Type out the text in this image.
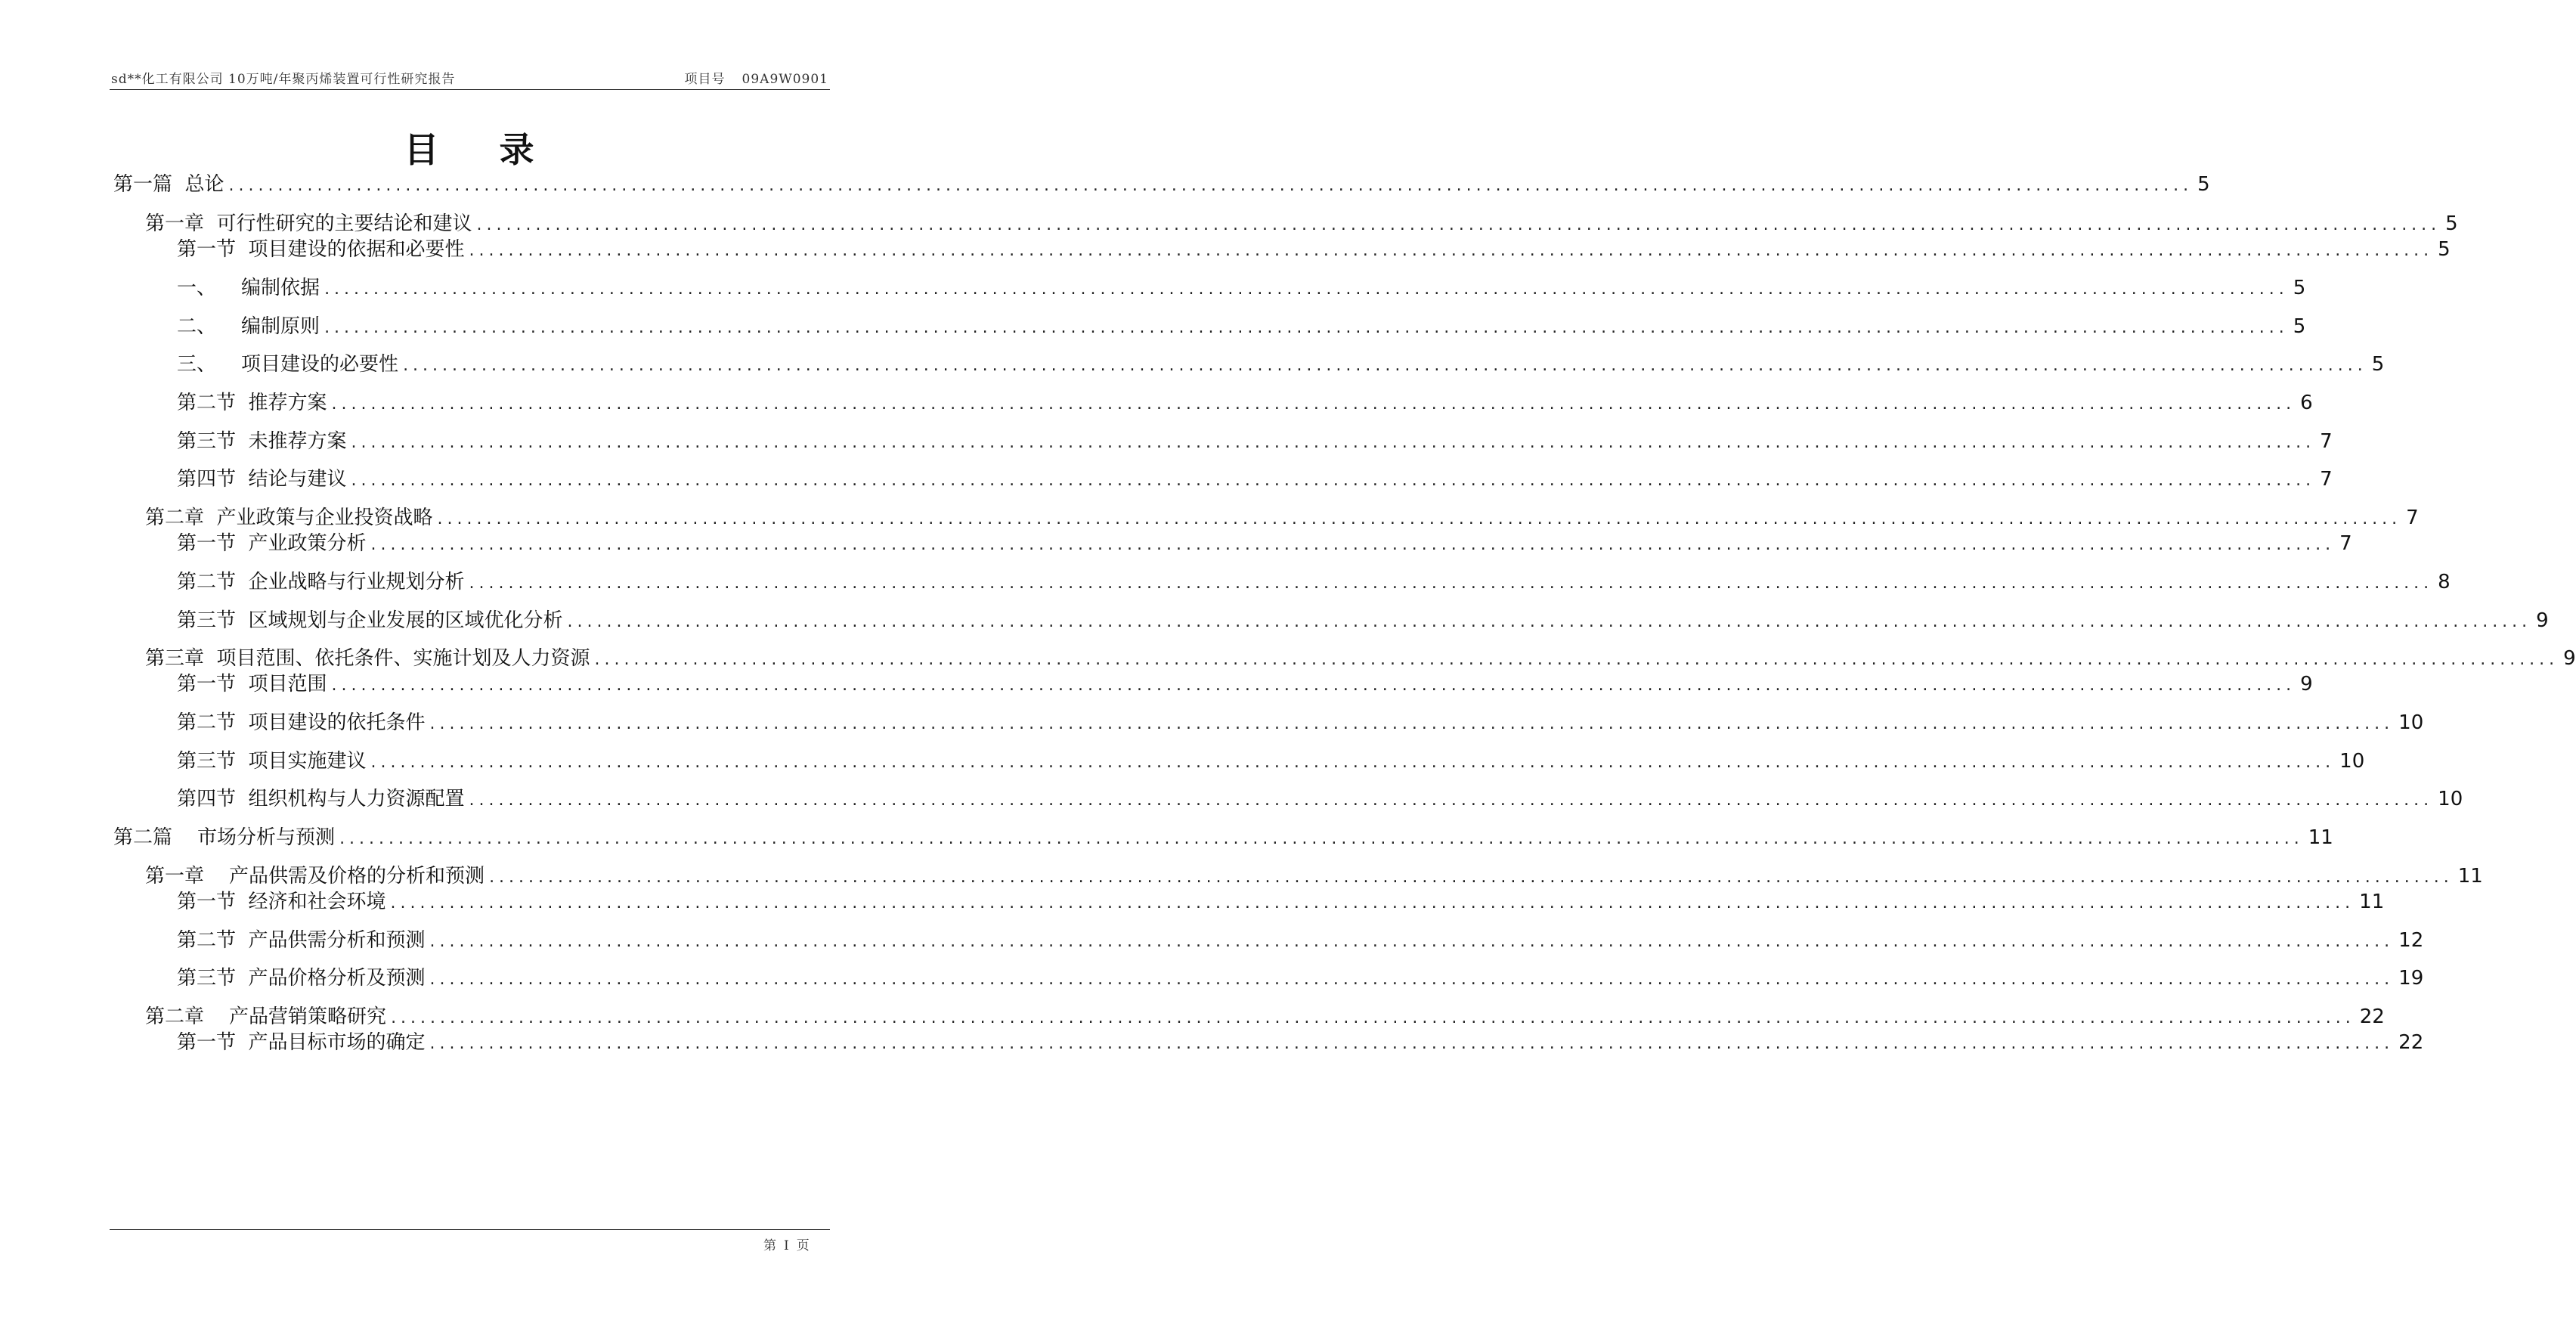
sd**化工有限公司 10万吨/年聚丙烯装置可行性研究报告	项目号 09A9W0901
目录
第一篇  总论 ........................................................................................................................................................................................................ 5
第一章  可行性研究的主要结论和建议 ........................................................................................................................................................................................................ 5
第一节  项目建设的依据和必要性 ........................................................................................................................................................................................................ 5
一、    编制依据 ........................................................................................................................................................................................................ 5
二、    编制原则 ........................................................................................................................................................................................................ 5
三、    项目建设的必要性 ........................................................................................................................................................................................................ 5
第二节  推荐方案 ........................................................................................................................................................................................................ 6
第三节  未推荐方案 ........................................................................................................................................................................................................ 7
第四节  结论与建议 ........................................................................................................................................................................................................ 7
第二章  产业政策与企业投资战略 ........................................................................................................................................................................................................ 7
第一节  产业政策分析 ........................................................................................................................................................................................................ 7
第二节  企业战略与行业规划分析 ........................................................................................................................................................................................................ 8
第三节  区域规划与企业发展的区域优化分析 ........................................................................................................................................................................................................ 9
第三章  项目范围、依托条件、实施计划及人力资源 ........................................................................................................................................................................................................ 9
第一节  项目范围 ........................................................................................................................................................................................................ 9
第二节  项目建设的依托条件 ........................................................................................................................................................................................................ 10
第三节  项目实施建议 ........................................................................................................................................................................................................ 10
第四节  组织机构与人力资源配置 ........................................................................................................................................................................................................ 10
第二篇    市场分析与预测 ........................................................................................................................................................................................................ 11
第一章    产品供需及价格的分析和预测 ........................................................................................................................................................................................................ 11
第一节  经济和社会环境 ........................................................................................................................................................................................................ 11
第二节  产品供需分析和预测 ........................................................................................................................................................................................................ 12
第三节  产品价格分析及预测 ........................................................................................................................................................................................................ 19
第二章    产品营销策略研究 ........................................................................................................................................................................................................ 22
第一节  产品目标市场的确定 ........................................................................................................................................................................................................ 22
第 I 页
